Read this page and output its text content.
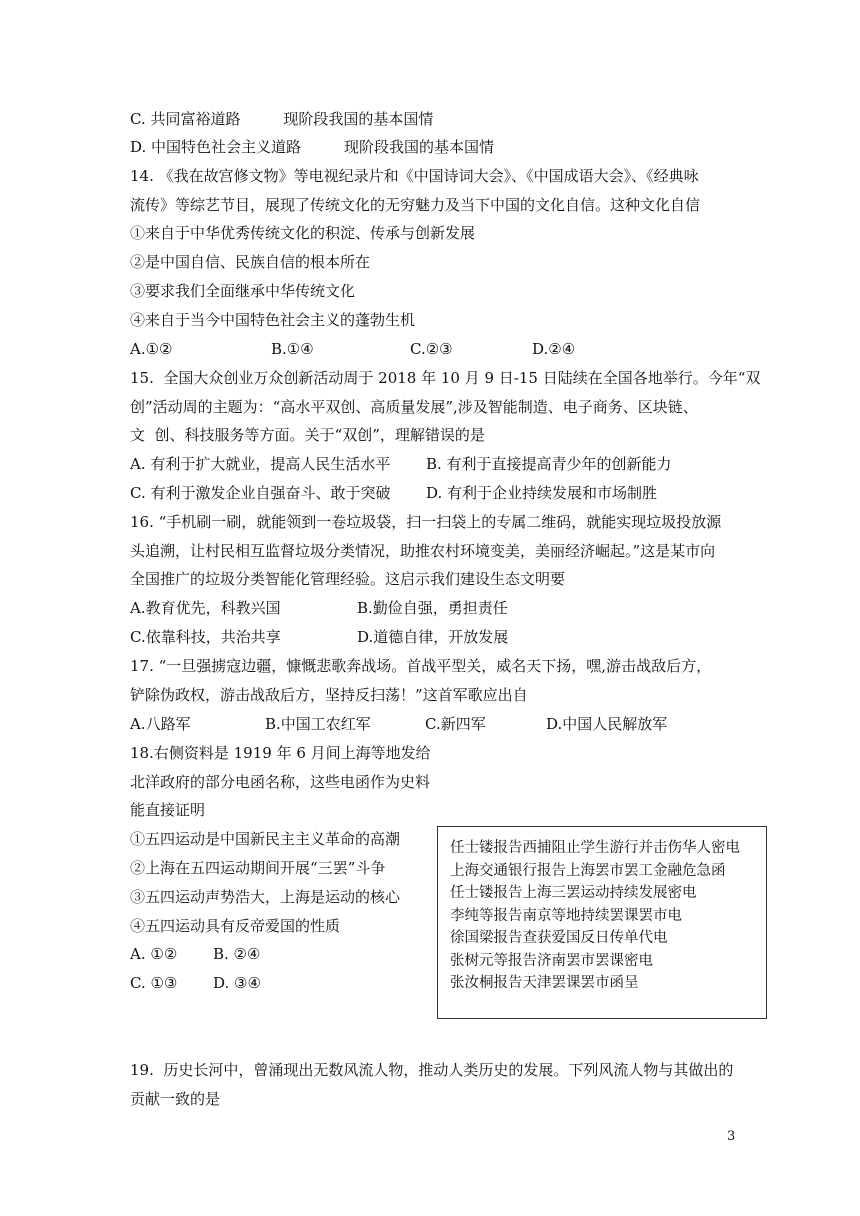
C. 共同富裕道路         现阶段我国的基本国情

D. 中国特色社会主义道路         现阶段我国的基本国情

14. 《我在故宫修文物》等电视纪录片和《中国诗词大会》、《中国成语大会》、《经典咏

流传》等综艺节目，展现了传统文化的无穷魅力及当下中国的文化自信。这种文化自信

①来自于中华优秀传统文化的积淀、传承与创新发展

②是中国自信、民族自信的根本所在

③要求我们全面继承中华传统文化

④来自于当今中国特色社会主义的蓬勃生机

A.①②	B.①④	C.②③	D.②④

15.  全国大众创业万众创新活动周于 2018 年 10 月 9 日-15 日陆续在全国各地举行。今年“双

创”活动周的主题为：“高水平双创、高质量发展”,涉及智能制造、电子商务、区块链、

文  创、科技服务等方面。关于“双创”，理解错误的是

A. 有利于扩大就业，提高人民生活水平 B. 有利于直接提高青少年的创新能力
C. 有利于激发企业自强奋斗、敢于突破 D. 有利于企业持续发展和市场制胜

16. “手机刷一刷，就能领到一卷垃圾袋，扫一扫袋上的专属二维码，就能实现垃圾投放源

头追溯，让村民相互监督垃圾分类情况，助推农村环境变美，美丽经济崛起。”这是某市向

全国推广的垃圾分类智能化管理经验。这启示我们建设生态文明要

A.教育优先，科教兴国	B.勤俭自强，勇担责任
C.依靠科技，共治共享	D.道德自律，开放发展

17. “一旦强掳寇边疆，慷慨悲歌奔战场。首战平型关，威名天下扬，嘿,游击战敌后方，

铲除伪政权，游击战敌后方，坚持反扫荡！”这首军歌应出自

A.八路军	B.中国工农红军	C.新四军	D.中国人民解放军

18.右侧资料是 1919 年 6 月间上海等地发给

北洋政府的部分电函名称，这些电函作为史料

能直接证明

①五四运动是中国新民主主义革命的高潮

②上海在五四运动期间开展“三罢”斗争

③五四运动声势浩大，上海是运动的核心

④五四运动具有反帝爱国的性质

A. ①② B. ②④
C. ①③ D. ③④

任士镂报告西捕阻止学生游行并击伤华人密电

上海交通银行报告上海罢市罢工金融危急函

任士镂报告上海三罢运动持续发展密电

李纯等报告南京等地持续罢课罢市电

徐国梁报告查获爱国反日传单代电

张树元等报告济南罢市罢课密电

张汝桐报告天津罢课罢市函呈

19.  历史长河中，曾涌现出无数风流人物，推动人类历史的发展。下列风流人物与其做出的

贡献一致的是

3
